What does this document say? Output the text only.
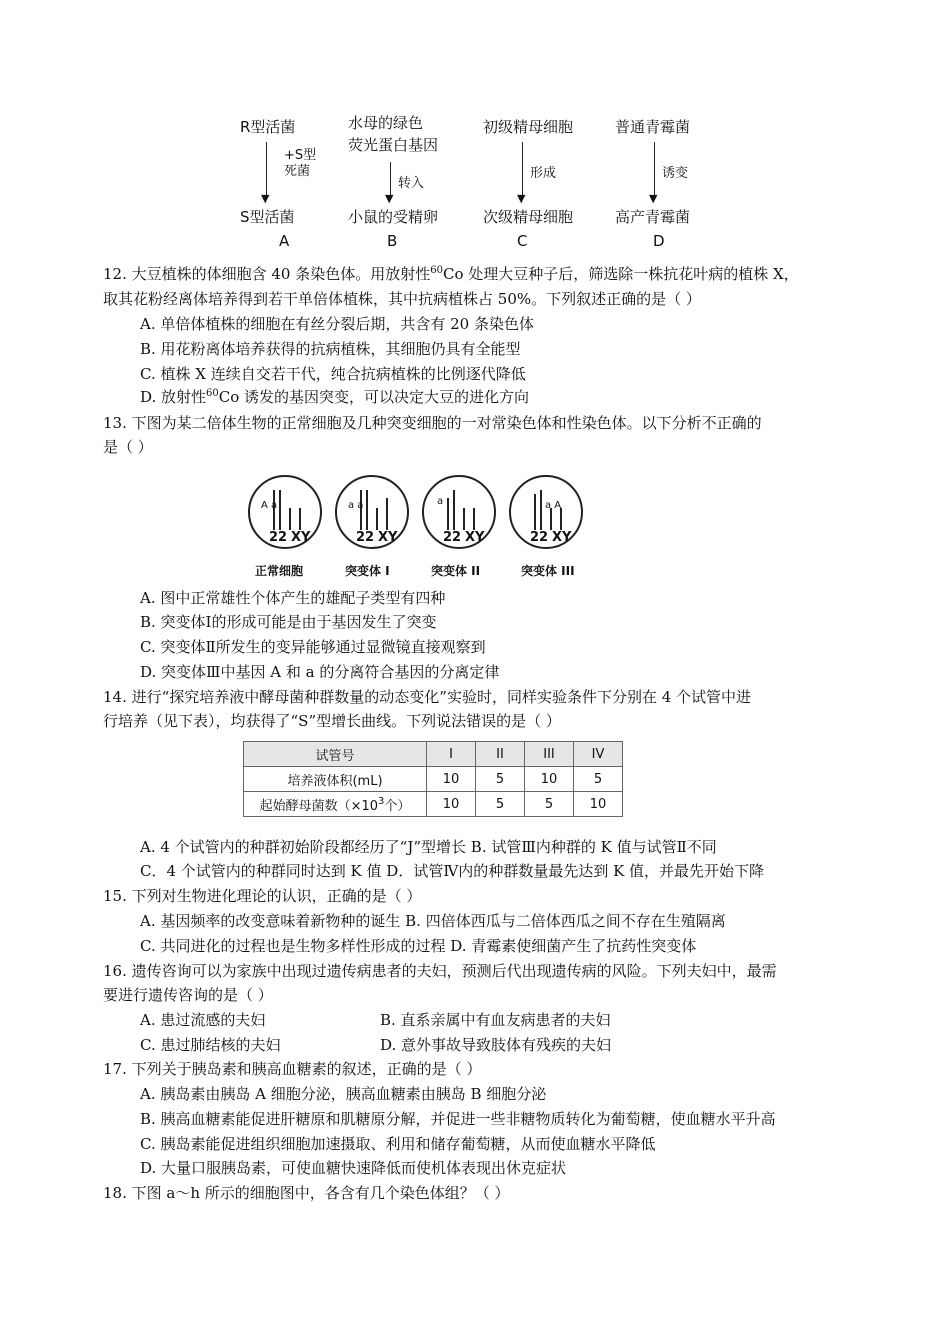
R型活菌
▼
+S型
死菌
S型活菌
A
水母的绿色
荧光蛋白基因
▼
转入
小鼠的受精卵
B
初级精母细胞
▼
形成
次级精母细胞
C
普通青霉菌
▼
诱变
高产青霉菌
D
12. 大豆植株的体细胞含 40 条染色体。用放射性$^{60}$Co 处理大豆种子后，筛选除一株抗花叶病的植株 X，
取其花粉经离体培养得到若干单倍体植株，其中抗病植株占 50%。下列叙述正确的是（ ）
A. 单倍体植株的细胞在有丝分裂后期，共含有 20 条染色体
B. 用花粉离体培养获得的抗病植株，其细胞仍具有全能型
C. 植株 X 连续自交若干代，纯合抗病植株的比例逐代降低
D. 放射性$^{60}$Co 诱发的基因突变，可以决定大豆的进化方向
13. 下图为某二倍体生物的正常细胞及几种突变细胞的一对常染色体和性染色体。以下分析不正确的
是（ ）
A a	a a	a	a A
22 XY	22 XY	22 XY	22 XY
正常细胞	突变体 I	突变体 II	突变体 III
A. 图中正常雄性个体产生的雄配子类型有四种
B. 突变体Ⅰ的形成可能是由于基因发生了突变
C. 突变体Ⅱ所发生的变异能够通过显微镜直接观察到
D. 突变体Ⅲ中基因 A 和 a 的分离符合基因的分离定律
14. 进行“探究培养液中酵母菌种群数量的动态变化”实验时，同样实验条件下分别在 4 个试管中进
行培养（见下表），均获得了“S”型增长曲线。下列说法错误的是（ ）
试管号	I	II	III	IV
培养液体积(mL)	10	5	10	5
起始酵母菌数（$\times 10^3$个）	10	5	5	10
A. 4 个试管内的种群初始阶段都经历了“J”型增长 B. 试管Ⅲ内种群的 K 值与试管Ⅱ不同
C．4 个试管内的种群同时达到 K 值 D．试管Ⅳ内的种群数量最先达到 K 值，并最先开始下降
15. 下列对生物进化理论的认识，正确的是（ ）
A. 基因频率的改变意味着新物种的诞生 B. 四倍体西瓜与二倍体西瓜之间不存在生殖隔离
C. 共同进化的过程也是生物多样性形成的过程 D. 青霉素使细菌产生了抗药性突变体
16. 遗传咨询可以为家族中出现过遗传病患者的夫妇，预测后代出现遗传病的风险。下列夫妇中，最需
要进行遗传咨询的是（ ）
A. 患过流感的夫妇	B. 直系亲属中有血友病患者的夫妇
C. 患过肺结核的夫妇	D. 意外事故导致肢体有残疾的夫妇
17. 下列关于胰岛素和胰高血糖素的叙述，正确的是（ ）
A. 胰岛素由胰岛 A 细胞分泌，胰高血糖素由胰岛 B 细胞分泌
B. 胰高血糖素能促进肝糖原和肌糖原分解，并促进一些非糖物质转化为葡萄糖，使血糖水平升高
C. 胰岛素能促进组织细胞加速摄取、利用和储存葡萄糖，从而使血糖水平降低
D. 大量口服胰岛素，可使血糖快速降低而使机体表现出休克症状
18. 下图 a～h 所示的细胞图中，各含有几个染色体组？（ ）
